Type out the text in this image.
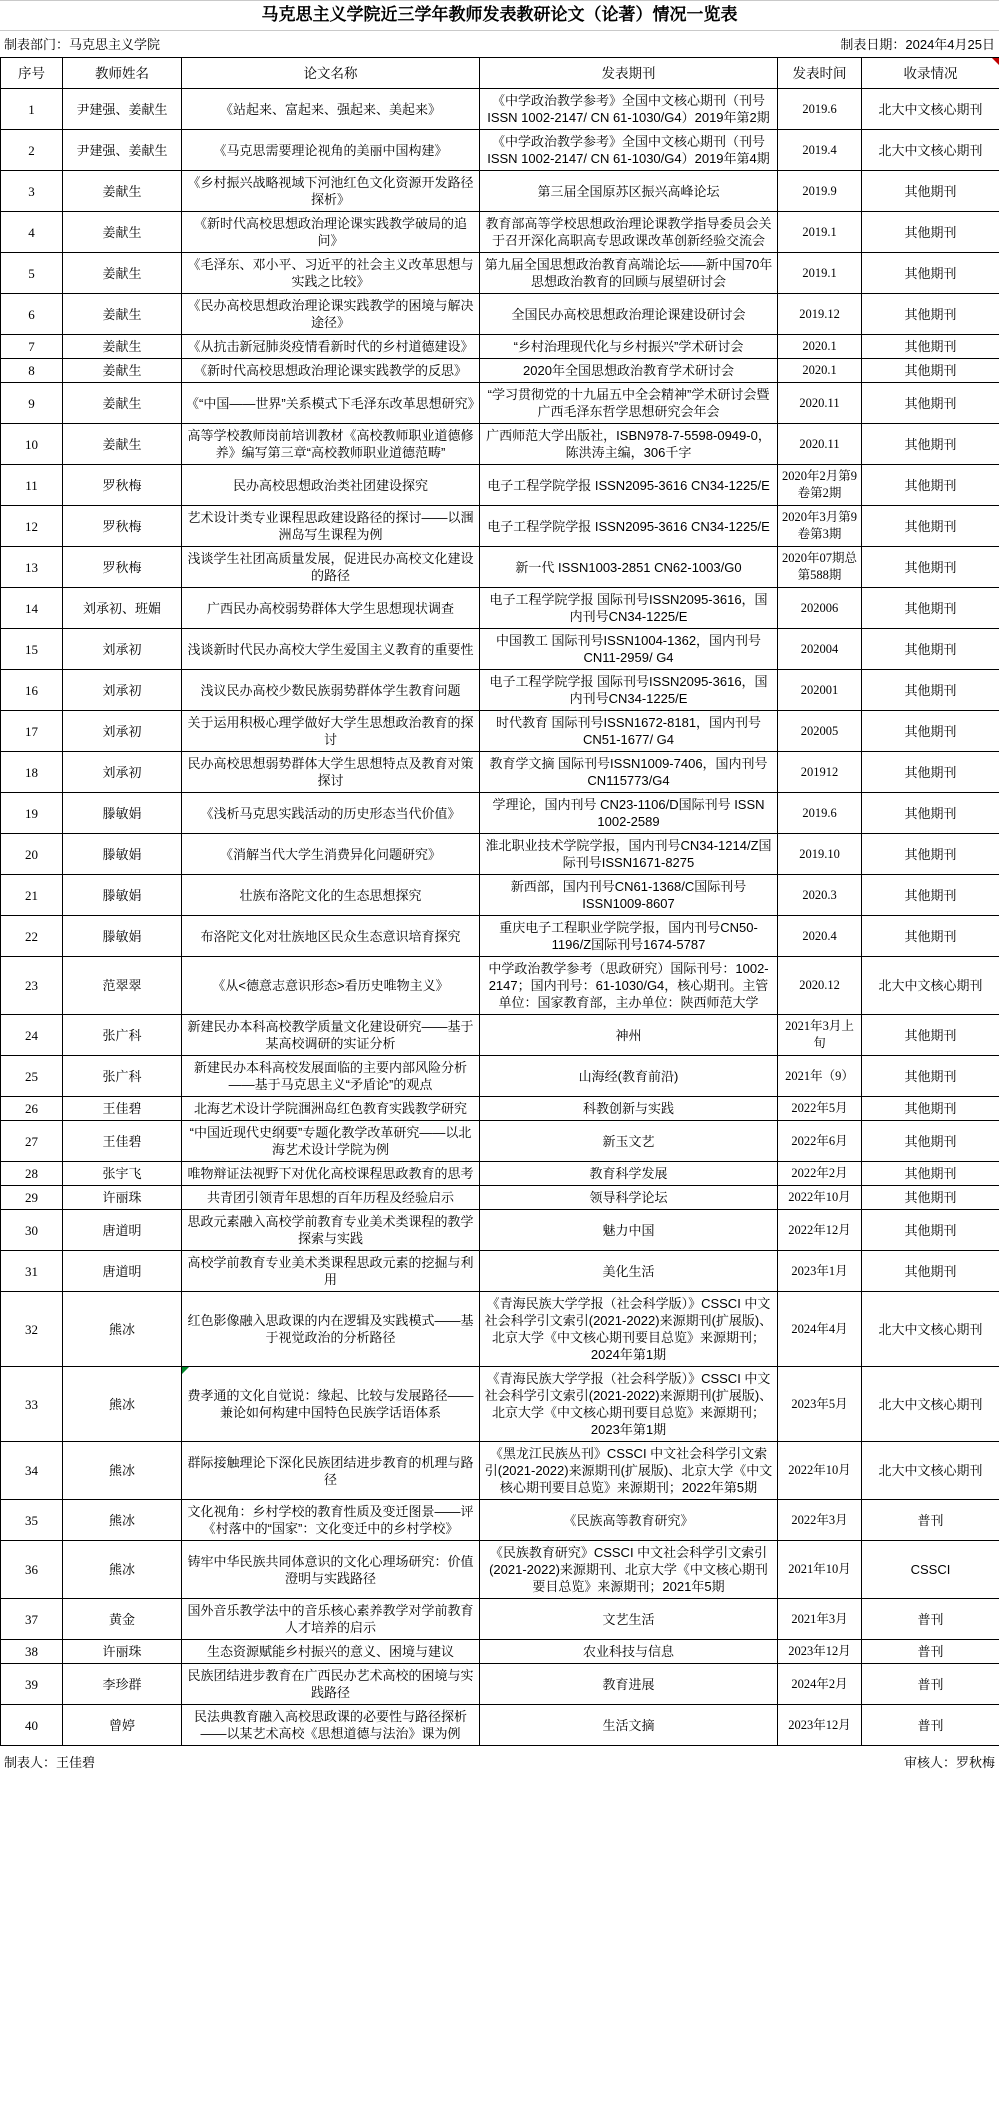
马克思主义学院近三学年教师发表教研论文（论著）情况一览表
制表部门：马克思主义学院	制表日期：2024年4月25日
序号	教师姓名	论文名称	发表期刊	发表时间	收录情况

1	尹建强、姜献生	《站起来、富起来、强起来、美起来》	《中学政治教学参考》全国中文核心期刊（刊号ISSN 1002-2147/ CN 61-1030/G4）2019年第2期	2019.6	北大中文核心期刊
2	尹建强、姜献生	《马克思需要理论视角的美丽中国构建》	《中学政治教学参考》全国中文核心期刊（刊号ISSN 1002-2147/ CN 61-1030/G4）2019年第4期	2019.4	北大中文核心期刊
3	姜献生	《乡村振兴战略视域下河池红色文化资源开发路径探析》	第三届全国原苏区振兴高峰论坛	2019.9	其他期刊
4	姜献生	《新时代高校思想政治理论课实践教学破局的追问》	教育部高等学校思想政治理论课教学指导委员会关于召开深化高职高专思政课改革创新经验交流会	2019.1	其他期刊
5	姜献生	《毛泽东、邓小平、习近平的社会主义改革思想与实践之比较》	第九届全国思想政治教育高端论坛——新中国70年思想政治教育的回顾与展望研讨会	2019.1	其他期刊
6	姜献生	《民办高校思想政治理论课实践教学的困境与解决途径》	全国民办高校思想政治理论课建设研讨会	2019.12	其他期刊
7	姜献生	《从抗击新冠肺炎疫情看新时代的乡村道德建设》	“乡村治理现代化与乡村振兴”学术研讨会	2020.1	其他期刊
8	姜献生	《新时代高校思想政治理论课实践教学的反思》	2020年全国思想政治教育学术研讨会	2020.1	其他期刊
9	姜献生	《“中国——世界”关系模式下毛泽东改革思想研究》	“学习贯彻党的十九届五中全会精神”学术研讨会暨广西毛泽东哲学思想研究会年会	2020.11	其他期刊
10	姜献生	高等学校教师岗前培训教材《高校教师职业道德修养》编写第三章“高校教师职业道德范畴”	广西师范大学出版社，ISBN978-7-5598-0949-0，陈洪涛主编，306千字	2020.11	其他期刊
11	罗秋梅	民办高校思想政治类社团建设探究	电子工程学院学报 ISSN2095-3616 CN34-1225/E	2020年2月第9卷第2期	其他期刊
12	罗秋梅	艺术设计类专业课程思政建设路径的探讨——以涠洲岛写生课程为例	电子工程学院学报 ISSN2095-3616 CN34-1225/E	2020年3月第9卷第3期	其他期刊
13	罗秋梅	浅谈学生社团高质量发展，促进民办高校文化建设的路径	新一代 ISSN1003-2851 CN62-1003/G0	2020年07期总第588期	其他期刊
14	刘承初、班媚	广西民办高校弱势群体大学生思想现状调查	电子工程学院学报 国际刊号ISSN2095-3616，国内刊号CN34-1225/E	202006	其他期刊
15	刘承初	浅谈新时代民办高校大学生爱国主义教育的重要性	中国教工 国际刊号ISSN1004-1362，国内刊号CN11-2959/ G4	202004	其他期刊
16	刘承初	浅议民办高校少数民族弱势群体学生教育问题	电子工程学院学报 国际刊号ISSN2095-3616，国内刊号CN34-1225/E	202001	其他期刊
17	刘承初	关于运用积极心理学做好大学生思想政治教育的探讨	时代教育 国际刊号ISSN1672-8181，国内刊号CN51-1677/ G4	202005	其他期刊
18	刘承初	民办高校思想弱势群体大学生思想特点及教育对策探讨	教育学文摘 国际刊号ISSN1009-7406，国内刊号CN115773/G4	201912	其他期刊
19	滕敏娟	《浅析马克思实践活动的历史形态当代价值》	学理论，国内刊号 CN23-1106/D国际刊号 ISSN 1002-2589	2019.6	其他期刊
20	滕敏娟	《消解当代大学生消费异化问题研究》	淮北职业技术学院学报，国内刊号CN34-1214/Z国际刊号ISSN1671-8275	2019.10	其他期刊
21	滕敏娟	壮族布洛陀文化的生态思想探究	新西部，国内刊号CN61-1368/C国际刊号 ISSN1009-8607	2020.3	其他期刊
22	滕敏娟	布洛陀文化对壮族地区民众生态意识培育探究	重庆电子工程职业学院学报，国内刊号CN50-1196/Z国际刊号1674-5787	2020.4	其他期刊
23	范翠翠	《从<德意志意识形态>看历史唯物主义》	中学政治教学参考（思政研究）国际刊号：1002-2147；国内刊号：61-1030/G4，核心期刊。主管单位：国家教育部，主办单位：陕西师范大学	2020.12	北大中文核心期刊
24	张广科	新建民办本科高校教学质量文化建设研究——基于某高校调研的实证分析	神州	2021年3月上旬	其他期刊
25	张广科	新建民办本科高校发展面临的主要内部风险分析——基于马克思主义“矛盾论”的观点	山海经(教育前沿)	2021年（9）	其他期刊
26	王佳碧	北海艺术设计学院涠洲岛红色教育实践教学研究	科教创新与实践	2022年5月	其他期刊
27	王佳碧	“中国近现代史纲要”专题化教学改革研究——以北海艺术设计学院为例	新玉文艺	2022年6月	其他期刊
28	张宇飞	唯物辩证法视野下对优化高校课程思政教育的思考	教育科学发展	2022年2月	其他期刊
29	许丽珠	共青团引领青年思想的百年历程及经验启示	领导科学论坛	2022年10月	其他期刊
30	唐道明	思政元素融入高校学前教育专业美术类课程的教学探索与实践	魅力中国	2022年12月	其他期刊
31	唐道明	高校学前教育专业美术类课程思政元素的挖掘与利用	美化生活	2023年1月	其他期刊
32	熊冰	红色影像融入思政课的内在逻辑及实践模式——基于视觉政治的分析路径	《青海民族大学学报（社会科学版）》CSSCI 中文社会科学引文索引(2021-2022)来源期刊(扩展版)、北京大学《中文核心期刊要目总览》来源期刊；2024年第1期	2024年4月	北大中文核心期刊
33	熊冰	费孝通的文化自觉说：缘起、比较与发展路径——兼论如何构建中国特色民族学话语体系	《青海民族大学学报（社会科学版）》CSSCI 中文社会科学引文索引(2021-2022)来源期刊(扩展版)、北京大学《中文核心期刊要目总览》来源期刊；2023年第1期	2023年5月	北大中文核心期刊
34	熊冰	群际接触理论下深化民族团结进步教育的机理与路径	《黑龙江民族丛刊》CSSCI 中文社会科学引文索引(2021-2022)来源期刊(扩展版)、北京大学《中文核心期刊要目总览》来源期刊；2022年第5期	2022年10月	北大中文核心期刊
35	熊冰	文化视角：乡村学校的教育性质及变迁图景——评《村落中的“国家”：文化变迁中的乡村学校》	《民族高等教育研究》	2022年3月	普刊
36	熊冰	铸牢中华民族共同体意识的文化心理场研究：价值澄明与实践路径	《民族教育研究》CSSCI 中文社会科学引文索引(2021-2022)来源期刊、北京大学《中文核心期刊要目总览》来源期刊；2021年5期	2021年10月	CSSCI
37	黄金	国外音乐教学法中的音乐核心素养教学对学前教育人才培养的启示	文艺生活	2021年3月	普刊
38	许丽珠	生态资源赋能乡村振兴的意义、困境与建议	农业科技与信息	2023年12月	普刊
39	李珍群	民族团结进步教育在广西民办艺术高校的困境与实践路径	教育进展	2024年2月	普刊
40	曾婷	民法典教育融入高校思政课的必要性与路径探析——以某艺术高校《思想道德与法治》课为例	生活文摘	2023年12月	普刊
制表人：王佳碧	审核人：罗秋梅
